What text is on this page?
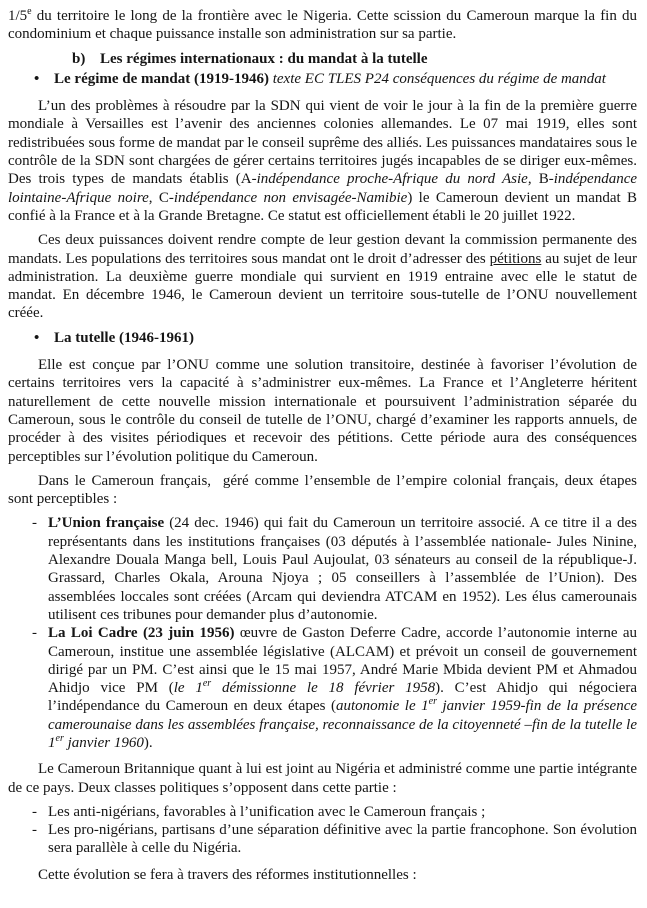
1/5e du territoire le long de la frontière avec le Nigeria. Cette scission du Cameroun marque la fin du condominium et chaque puissance installe son administration sur sa partie.

b) Les régimes internationaux : du mandat à la tutelle
• Le régime de mandat (1919-1946) texte EC TLES P24 conséquences du régime de mandat

L’un des problèmes à résoudre par la SDN qui vient de voir le jour à la fin de la première guerre mondiale à Versailles est l’avenir des anciennes colonies allemandes. Le 07 mai 1919, elles sont redistribuées sous forme de mandat par le conseil suprême des alliés. Les puissances mandataires sous le contrôle de la SDN sont chargées de gérer certains territoires jugés incapables de se diriger eux-mêmes. Des trois types de mandats établis (A-indépendance proche-Afrique du nord Asie, B-indépendance lointaine-Afrique noire, C-indépendance non envisagée-Namibie) le Cameroun devient un mandat B confié à la France et à la Grande Bretagne. Ce statut est officiellement établi le 20 juillet 1922.

Ces deux puissances doivent rendre compte de leur gestion devant la commission permanente des mandats. Les populations des territoires sous mandat ont le droit d’adresser des pétitions au sujet de leur administration. La deuxième guerre mondiale qui survient en 1919 entraine avec elle le statut de mandat. En décembre 1946, le Cameroun devient un territoire sous-tutelle de l’ONU nouvellement créée.

• La tutelle (1946-1961)

Elle est conçue par l’ONU comme une solution transitoire, destinée à favoriser l’évolution de certains territoires vers la capacité à s’administrer eux-mêmes. La France et l’Angleterre héritent naturellement de cette nouvelle mission internationale et poursuivent l’administration séparée du Cameroun, sous le contrôle du conseil de tutelle de l’ONU, chargé d’examiner les rapports annuels, de procéder à des visites périodiques et recevoir des pétitions. Cette période aura des conséquences perceptibles sur l’évolution politique du Cameroun.

Dans le Cameroun français,  géré comme l’ensemble de l’empire colonial français, deux étapes sont perceptibles :

- L’Union française (24 dec. 1946) qui fait du Cameroun un territoire associé. A ce titre il a des représentants dans les institutions françaises (03 députés à l’assemblée nationale- Jules Ninine, Alexandre Douala Manga bell, Louis Paul Aujoulat, 03 sénateurs au conseil de la république-J. Grassard, Charles Okala, Arouna Njoya ; 05 conseillers à l’assemblée de l’Union). Des assemblées loccales sont créées (Arcam qui deviendra ATCAM en 1952). Les élus camerounais utilisent ces tribunes pour demander plus d’autonomie.
- La Loi Cadre (23 juin 1956) œuvre de Gaston Deferre Cadre, accorde l’autonomie interne au Cameroun, institue une assemblée législative (ALCAM) et prévoit un conseil de gouvernement dirigé par un PM. C’est ainsi que le 15 mai 1957, André Marie Mbida devient PM et Ahmadou Ahidjo vice PM (le 1er démissionne le 18 février 1958). C’est Ahidjo qui négociera l’indépendance du Cameroun en deux étapes (autonomie le 1er janvier 1959-fin de la présence camerounaise dans les assemblées française, reconnaissance de la citoyenneté –fin de la tutelle le 1er janvier 1960).

Le Cameroun Britannique quant à lui est joint au Nigéria et administré comme une partie intégrante de ce pays. Deux classes politiques s’opposent dans cette partie :

- Les anti-nigérians, favorables à l’unification avec le Cameroun français ;
- Les pro-nigérians, partisans d’une séparation définitive avec la partie francophone. Son évolution sera parallèle à celle du Nigéria.

Cette évolution se fera à travers des réformes institutionnelles :
